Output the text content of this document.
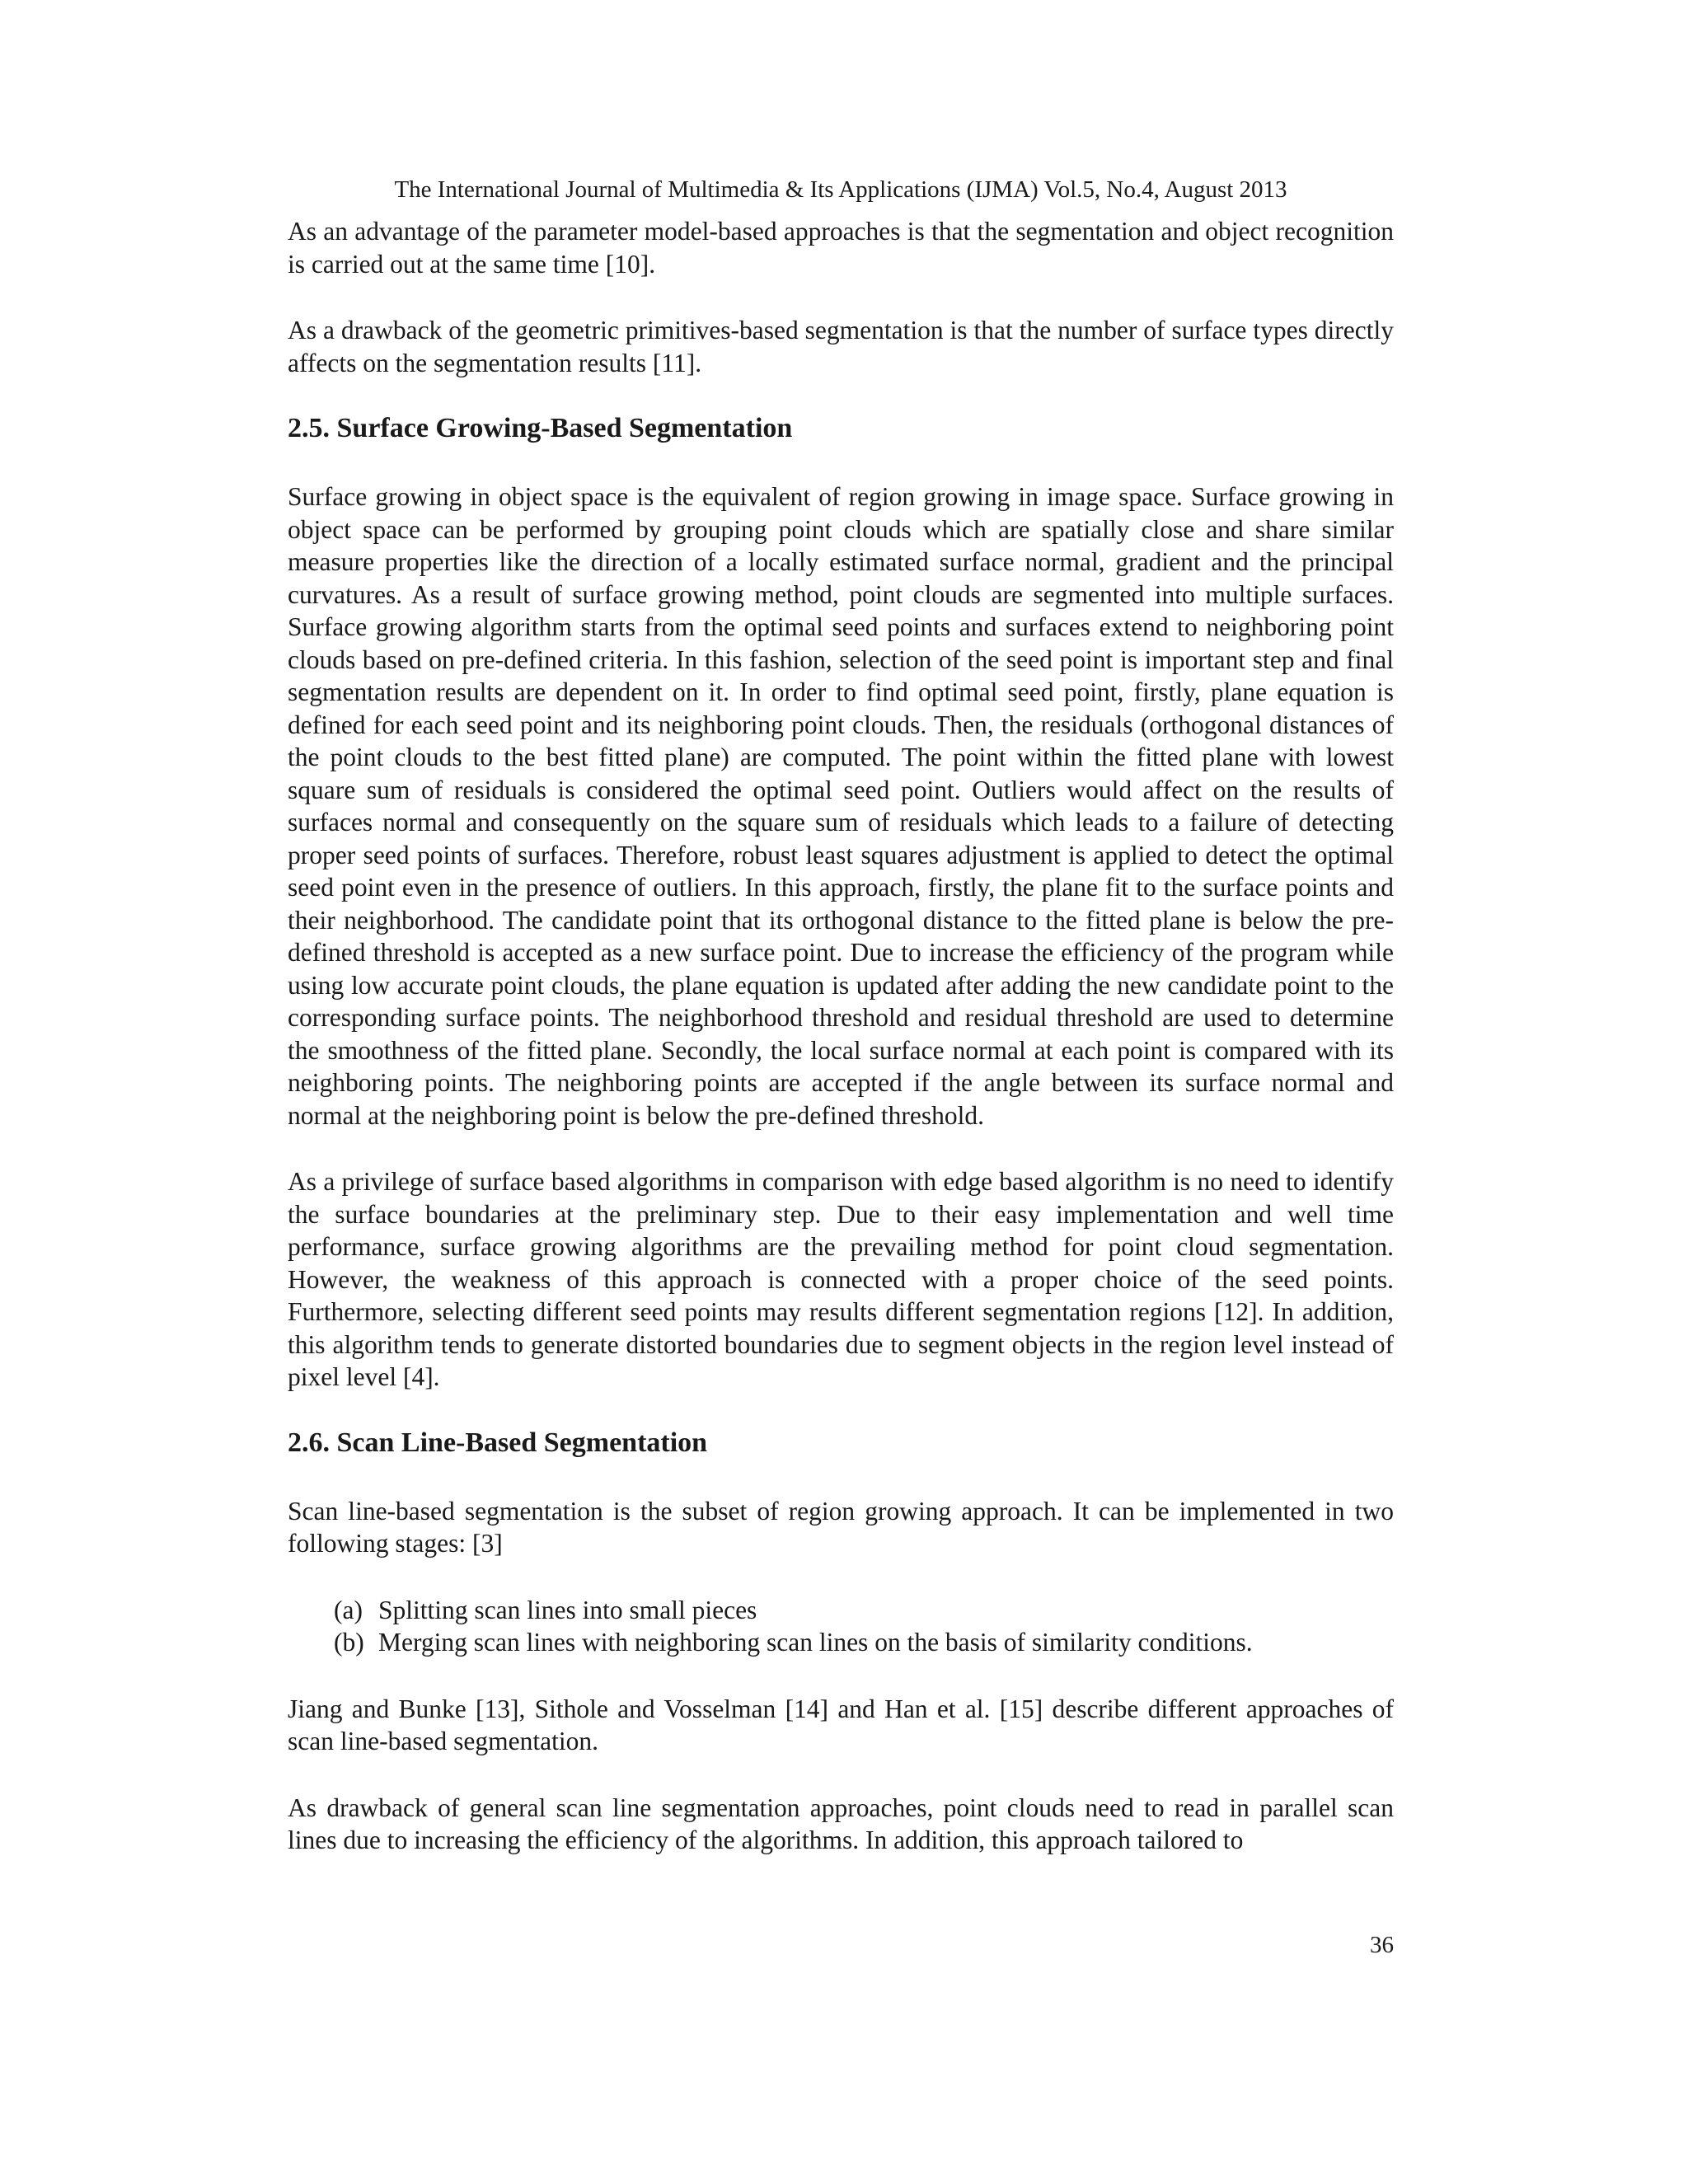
The International Journal of Multimedia & Its Applications (IJMA) Vol.5, No.4, August 2013

As an advantage of the parameter model-based approaches is that the segmentation and object recognition is carried out at the same time [10].

As a drawback of the geometric primitives-based segmentation is that the number of surface types directly affects on the segmentation results [11].

2.5. Surface Growing-Based Segmentation

Surface growing in object space is the equivalent of region growing in image space. Surface growing in object space can be performed by grouping point clouds which are spatially close and share similar measure properties like the direction of a locally estimated surface normal, gradient and the principal curvatures. As a result of surface growing method, point clouds are segmented into multiple surfaces. Surface growing algorithm starts from the optimal seed points and surfaces extend to neighboring point clouds based on pre-defined criteria. In this fashion, selection of the seed point is important step and final segmentation results are dependent on it. In order to find optimal seed point, firstly, plane equation is defined for each seed point and its neighboring point clouds. Then, the residuals (orthogonal distances of the point clouds to the best fitted plane) are computed. The point within the fitted plane with lowest square sum of residuals is considered the optimal seed point. Outliers would affect on the results of surfaces normal and consequently on the square sum of residuals which leads to a failure of detecting proper seed points of surfaces. Therefore, robust least squares adjustment is applied to detect the optimal seed point even in the presence of outliers. In this approach, firstly, the plane fit to the surface points and their neighborhood. The candidate point that its orthogonal distance to the fitted plane is below the pre-defined threshold is accepted as a new surface point. Due to increase the efficiency of the program while using low accurate point clouds, the plane equation is updated after adding the new candidate point to the corresponding surface points. The neighborhood threshold and residual threshold are used to determine the smoothness of the fitted plane. Secondly, the local surface normal at each point is compared with its neighboring points. The neighboring points are accepted if the angle between its surface normal and normal at the neighboring point is below the pre-defined threshold.

As a privilege of surface based algorithms in comparison with edge based algorithm is no need to identify the surface boundaries at the preliminary step. Due to their easy implementation and well time performance, surface growing algorithms are the prevailing method for point cloud segmentation. However, the weakness of this approach is connected with a proper choice of the seed points. Furthermore, selecting different seed points may results different segmentation regions [12]. In addition, this algorithm tends to generate distorted boundaries due to segment objects in the region level instead of pixel level [4].

2.6. Scan Line-Based Segmentation

Scan line-based segmentation is the subset of region growing approach. It can be implemented in two following stages: [3]

(a) Splitting scan lines into small pieces
(b) Merging scan lines with neighboring scan lines on the basis of similarity conditions.

Jiang and Bunke [13], Sithole and Vosselman [14] and Han et al. [15] describe different approaches of scan line-based segmentation.

As drawback of general scan line segmentation approaches, point clouds need to read in parallel scan lines due to increasing the efficiency of the algorithms. In addition, this approach tailored to

36
